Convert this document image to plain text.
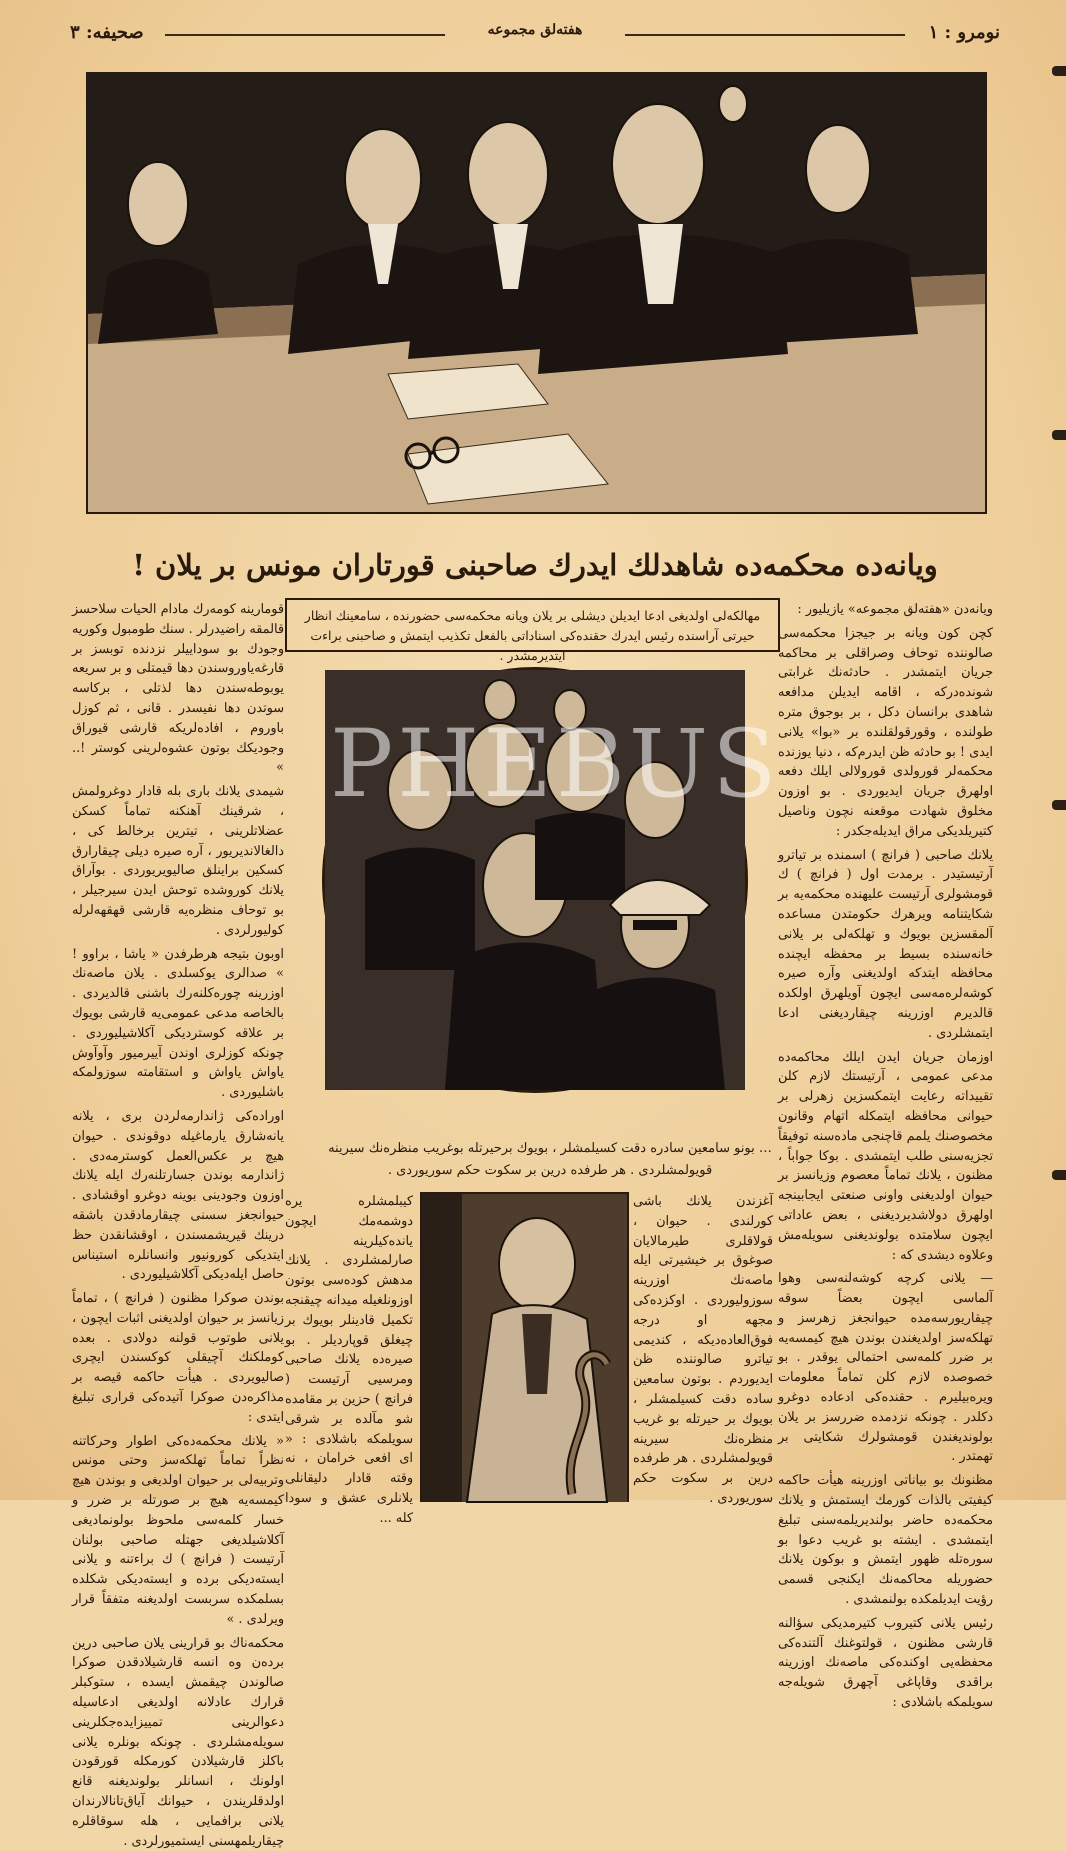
نومرو : ١
هفته‌لق مجموعه
صحیفه: ٣
ویانه‌ده محکمه‌ده شاهدلك ایدرك صاحبنی قورتاران مونس بر یلان !
مهالکه‌لی اولدیغی ادعا ایدیلن دیشلی بر یلان ویانه محکمه‌سی حضورنده ، سامعینك انظار حیرتی آراسنده رئیس ایدرك حقنده‌کی اسناداتی بالفعل تکذیب ایتمش و صاحبنی براءت ایتدیرمشدر .
PHEBUS
… بونو سامعین سادره دقت کسیلمشلر ، بویوك برحیرتله بوغریب منظره‌نك سیرینه قویولمشلردی . هر طرفده درین بر سکوت حکم سوریوردی .

ویانه‌دن «هفته‌لق مجموعه» یازیلیور :

کچن کون ویانه بر جیجزا محکمه‌سی صالوننده توحاف وصراقلی بر محاکمه جریان ایتمشدر . حادثه‌نك غرابتی شونده‌درکه ، اقامه ایدیلن مدافعه شاهدی برانسان دکل ، بر بوجوق متره طولنده ، وقورقولقلنده بر «بوا» یلانی ایدی ! بو حادثه ظن ایدرم‌که ، دنیا یوزنده محکمه‌لر قورولدی قورولالی ایلك دفعه اولهرق جریان ایدیوردی . بو اوزون مخلوق شهادت موقعنه نچون وناصیل کتیریلدیکی مراق ایدیله‌جکدر :

یلانك صاحبی ( فرانچ ) اسمنده بر تیاترو آرتیستیدر . برمدت اول ( فرانچ ) ك قومشولری آرتیست علیهنده محکمه‌یه بر شکایتنامه ویرهرك حکومتدن مساعده آلمقسزین بویوك و تهلکه‌لی بر یلانی خانه‌سنده بسیط بر محفظه ایچنده محافظه ایتدکه اولدیغنی وآره صیره کوشه‌لره‌مه‌سی ایچون آویلهرق اولکده قالدیرم اوزرینه چیقاردیغنی ادعا ایتمشلردی .

اوزمان جریان ایدن ایلك محاکمه‌ده مدعی عمومی ، آرتیستك لازم کلن تقییداته رعایت ایتمکسزین زهرلی بر حیوانی محافظه ایتمکله اتهام وقانون مخصوصنك یلمم قاچنجی ماده‌سنه توفیقاً تجزیه‌سنی طلب ایتمشدی . بوکا جواباً ، مظنون ، یلانك تماماً معصوم وزیانسز بر حیوان اولدیغنی واونی صنعتی ایجابینجه اولهرق دولاشدیردیغنی ، بعض عاداتی ایچون سلامتده بولوندیغنی سویله‌مش وعلاوه‌ دیشدی که :

— یلانی کرچه کوشه‌لنه‌سی وهوا آلماسی ایچون بعضاً سوقه چیقاریورسه‌مده حیوانجغز زهرسز و تهلکه‌سز اولدیغندن بوندن هیچ کیمسه‌یه بر ضرر کلمه‌سی احتمالی یوقدر . بو خصوصده لازم کلن تماماً معلومات ویره‌بیلیرم . حقنده‌کی ادعاده دوغرو دکلدر . چونکه نزدمده ضررسز بر یلان بولوندیغندن قومشولرك شکایتی بر تهمتدر .

مظنونك بو بیاناتی اوزرینه هیأت حاکمه کیفیتی بالذات کورمك ایستمش و یلانك محکمه‌ده حاضر بولندیریلمه‌سنی تبلیغ ایتمشدی . ایشته بو غریب دعوا بو سوره‌تله ظهور ایتمش و بوکون یلانك حضوریله محاکمه‌نك ایکنجی قسمی رؤیت ایدیلمکده بولنمشدی .

رئیس یلانی کتیروب کتیرمدیکی سؤالنه قارشی مظنون ، قولتوغنك آلتنده‌کی محفظه‌یی اوکنده‌کی ماصه‌نك اوزرینه براقدی وقاپاغی آچهرق شویله‌جه سویلمکه باشلادی :

قومارینه کومه‌رك مادام الحیات سلاحسز قالمقه راضیدرلر . سنك طومبول وکوریه وجودك بو سوداییلر نزدنده توبسز بر قارغه‌یاوروسندن دها قیمتلی و بر سریعه یوبوطه‌سندن دها لذتلی ، برکاسه سوتدن دها نفیسدر . قانی ، ثم کوزل باوروم ، افاده‌لریکه قارشی قیوراق وجودیکك بوتون عشوه‌لرینی کوستر !.. »

شیمدی یلانك باری بله قادار دوغرولمش ، شرقینك آهنکنه تماماً کسکن عضلاتلرینی ، تیترین برخالط کی ، دالغالاندیریور ، آره صیره دیلی چیقارارق کسکین براینلق صالیویریوردی . بوآراق یلانك کوروشده توحش ایدن سیرجیلر ، بو توحاف منظره‌یه قارشی قهقهه‌لرله کولیورلردی .

اوبون بتیجه هرطرفدن « یاشا ، براوو ! » صدالری یوکسلدی . یلان ماصه‌نك اوزرینه چوره‌کلنه‌رك باشنی قالدیردی . بالخاصه مدعی عمومی‌یه قارشی بویوك بر علاقه کوستردیکی آکلاشیلیوردی . چونکه کوزلری اوندن آییرمیور وآوآوش یاواش یاواش و استقامته سوزولمکه باشلیوردی .

اوراده‌کی ژاندارمه‌لردن بری ، یلانه یانه‌شارق یارماغیله دوقوندی . حیوان هیچ بر عکس‌العمل کوسترمه‌دی . ژاندارمه بوندن جسارتلنه‌رك ایله یلانك اوزون وجودینی بوینه دوغرو اوقشادی . حیوانجغز سسنی چیقارمادقدن باشقه درینك قیریشمسندن ، اوقشانقدن حظ ایتدیکی کورونیور وانسانلره استیناس حاصل ایله‌دیکی آکلاشیلیوردی .

بوندن صوکرا مظنون ( فرانچ ) ، تماماً زیانسز بر حیوان اولدیغنی اثبات ایچون ، یلانی طوتوب قولنه دولادی . بعده کوملکنك آچیقلی کوکسندن ایچری صالیویردی . هیأت حاکمه قیصه بر مذاکره‌دن صوکرا آتیده‌کی قراری تبلیغ ایتدی :

« یلانك محکمه‌ده‌کی اطوار وحرکاتنه نظراً تماماً تهلکه‌سز وحتی مونس وتربیه‌لی بر حیوان اولدیغی و بوندن هیچ کیمسه‌یه هیچ بر صورتله بر ضرر و خسار کلمه‌سی ملحوظ بولونمادیغی آکلاشیلدیغی جهتله صاحبی بولنان آرتیست ( فرانچ ) ك براءتنه و یلانی ایسته‌دیکی برده و ایسته‌دیکی شکلده بسلمکده سربست اولدیغنه متفقاً قرار ویرلدی . »

محکمه‌ناك بو قرارینی یلان صاحبی درین برده‌ن وه‌ انسه‌ قارشیلادقدن صوکرا صالوندن چیقمش ایسده ، ستوکبلر قرارك عادلانه اولدیغی ادعاسیله دعوالرینی تمییزایده‌جکلرینی سویله‌مشلردی . چونکه بونلره یلانی باکلز قارشیلادن کورمکله قورقودن اولونك ، انسانلر بولوندیغنه قانع اولدقلریندن ، حیوانك آیاق‌تانالارندان یلانی برافمایی ، هله سوقاقلره چیقاریلمهسنی ایستمیورلردی .

کیبلمشلره‌ یره دوشمه‌مك ایچون یانده‌کیلرینه صارلمشلردی . یلانك مدهش کوده‌سی بوتون اوزونلغیله میدانه چیقنجه تکمیل قادینلر بویوك بر چیغلق قوپاردیلر . بو صیره‌ده یلانك صاحبی ومرسیی آرتیست ( فرانچ ) حزین بر مقامده شو مآلده بر شرقی سویلمکه باشلادی : « ای افعی خرامان ، نه وقته قادار دلیقانلی یلانلری عشق و سودا کله ...
آغزندن یلانك باشی کورلندی . حیوان ، قولاقلری طیرمالایان صوغوق بر خیشیرتی ایله ماصه‌نك اوزرینه سوزولیوردی . اوکزده‌کی مجهه او درجه فوق‌العاده‌دیکه ، کندیمی تیاترو صالوننده ظن ایدیوردم . بوتون سامعین ساده دقت کسیلمشلر ، بویوك بر حیرتله بو غریب منظره‌نك سیرینه قویولمشلردی . هر طرفده درین بر سکوت حکم سوریوردی .
